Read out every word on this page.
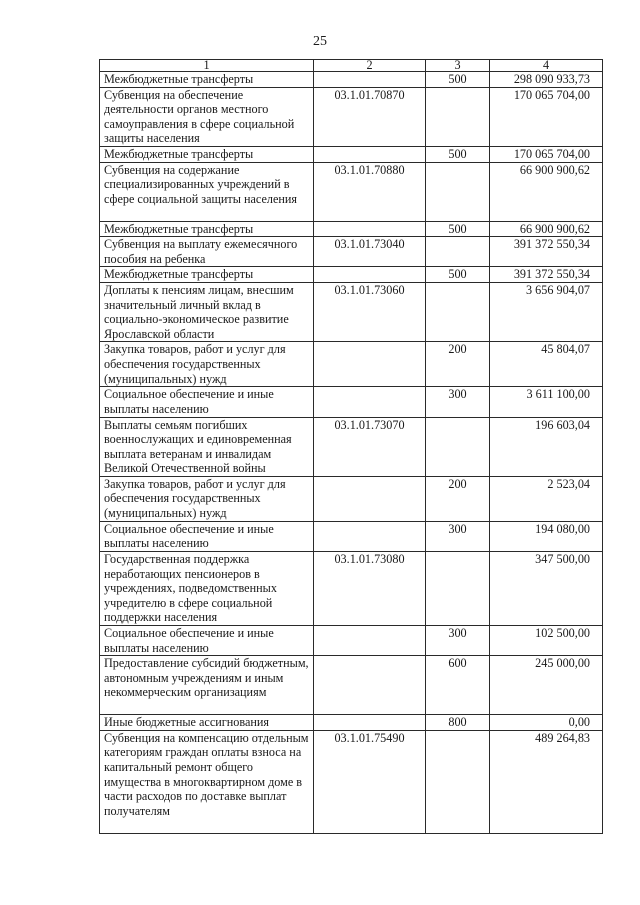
25
1	2	3	4
Межбюджетные трансферты		500	298 090 933,73
Субвенция на обеспечение деятельности органов местного самоуправления в сфере социальной защиты населения	03.1.01.70870		170 065 704,00
Межбюджетные трансферты		500	170 065 704,00
Субвенция на содержание специализированных учреждений в сфере социальной защиты населения	03.1.01.70880		66 900 900,62
Межбюджетные трансферты		500	66 900 900,62
Субвенция на выплату ежемесячного пособия на ребенка	03.1.01.73040		391 372 550,34
Межбюджетные трансферты		500	391 372 550,34
Доплаты к пенсиям лицам, внесшим значительный личный вклад в социально-экономическое развитие Ярославской области	03.1.01.73060		3 656 904,07
Закупка товаров, работ и услуг для обеспечения государственных (муниципальных) нужд		200	45 804,07
Социальное обеспечение и иные выплаты населению		300	3 611 100,00
Выплаты семьям погибших военнослужащих и единовременная выплата ветеранам и инвалидам Великой Отечественной войны	03.1.01.73070		196 603,04
Закупка товаров, работ и услуг для обеспечения государственных (муниципальных) нужд		200	2 523,04
Социальное обеспечение и иные выплаты населению		300	194 080,00
Государственная поддержка неработающих пенсионеров в учреждениях, подведомственных учредителю в сфере социальной поддержки населения	03.1.01.73080		347 500,00
Социальное обеспечение и иные выплаты населению		300	102 500,00
Предоставление субсидий бюджетным, автономным учреждениям и иным некоммерческим организациям		600	245 000,00
Иные бюджетные ассигнования		800	0,00
Субвенция на компенсацию отдельным категориям граждан оплаты взноса на капитальный ремонт общего имущества в многоквартирном доме в части расходов по доставке выплат получателям	03.1.01.75490		489 264,83
